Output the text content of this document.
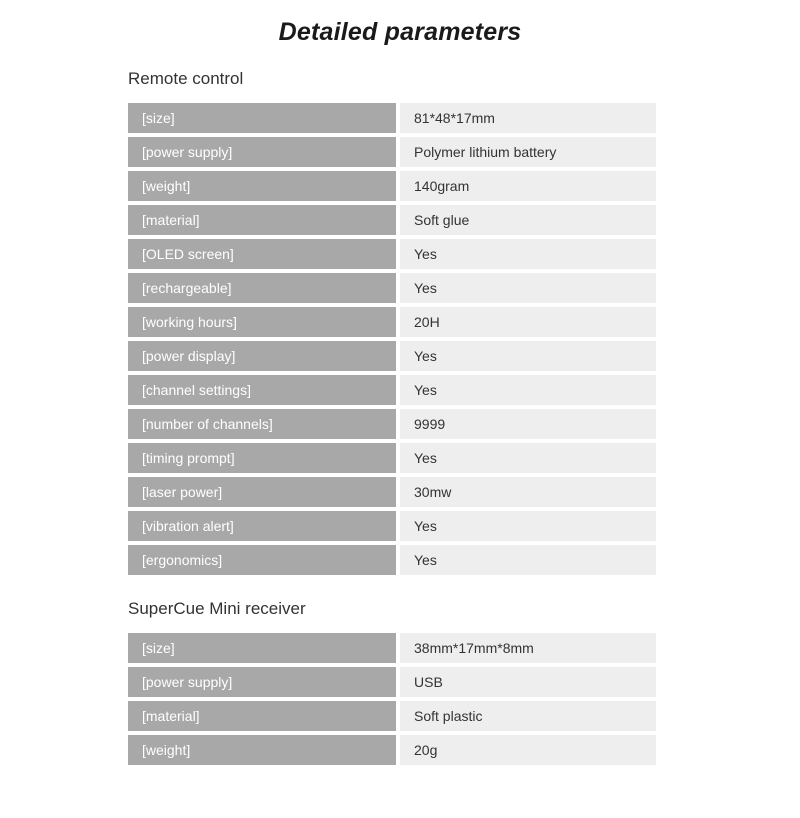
Detailed parameters
Remote control
[size]		81*48*17mm
[power supply]		Polymer lithium battery
[weight]		140gram
[material]		Soft glue
[OLED screen]		Yes
[rechargeable]		Yes
[working hours]		20H
[power display]		Yes
[channel settings]		Yes
[number of channels]		9999
[timing prompt]		Yes
[laser power]		30mw
[vibration alert]		Yes
[ergonomics]		Yes
SuperCue Mini receiver
[size]		38mm*17mm*8mm
[power supply]		USB
[material]		Soft plastic
[weight]		20g
